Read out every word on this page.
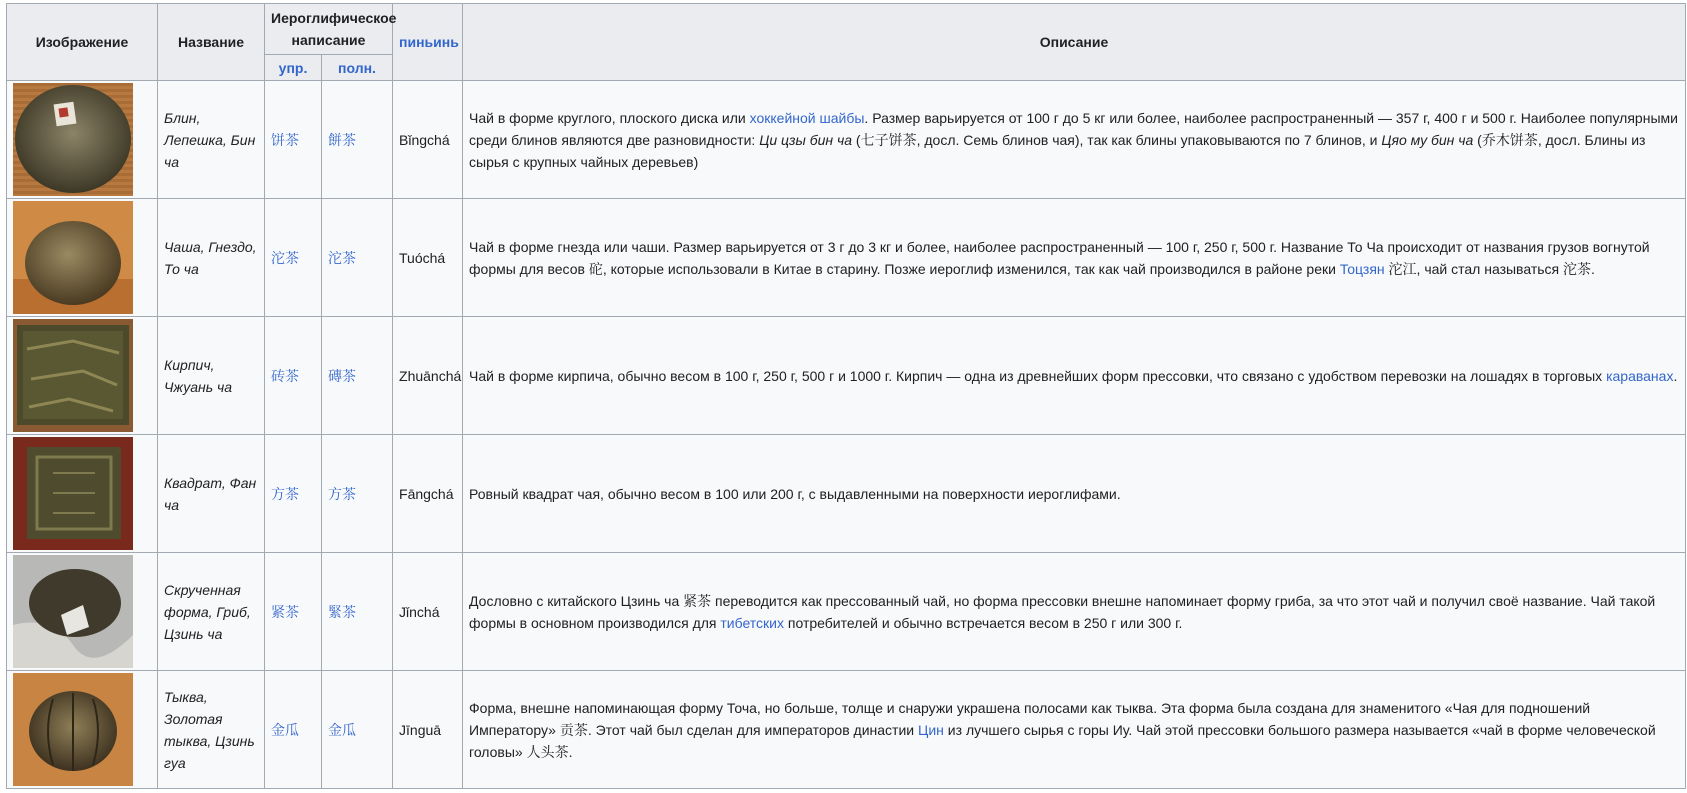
Изображение	Название	Иероглифическое написание		пиньинь	Описание
		упр.	полн.		

	Блин, Лепешка, Бин ча	饼茶	餅茶	Bǐngchá	Чай в форме круглого, плоского диска или хоккейной шайбы. Размер варьируется от 100 г до 5 кг или более, наиболее распространенный — 357 г, 400 г и 500 г. Наиболее популярными среди блинов являются две разновидности: Ци цзы бин ча (七子饼茶, досл. Семь блинов чая), так как блины упаковываются по 7 блинов, и Цяо му бин ча (乔木饼茶, досл. Блины из сырья с крупных чайных деревьев)

	Чаша, Гнездо, То ча	沱茶	沱茶	Tuóchá	Чай в форме гнезда или чаши. Размер варьируется от 3 г до 3 кг и более, наиболее распространенный — 100 г, 250 г, 500 г. Название То Ча происходит от названия грузов вогнутой формы для весов 砣, которые использовали в Китае в старину. Позже иероглиф изменился, так как чай производился в районе реки Тоцзян 沱江, чай стал называться 沱茶.

	Кирпич, Чжуань ча	砖茶	磚茶	Zhuānchá	Чай в форме кирпича, обычно весом в 100 г, 250 г, 500 г и 1000 г. Кирпич — одна из древнейших форм прессовки, что связано с удобством перевозки на лошадях в торговых караванах.

	Квадрат, Фан ча	方茶	方茶	Fāngchá	Ровный квадрат чая, обычно весом в 100 или 200 г, с выдавленными на поверхности иероглифами.

	Скрученная форма, Гриб, Цзинь ча	紧茶	緊茶	Jǐnchá	Дословно с китайского Цзинь ча 紧茶 переводится как прессованный чай, но форма прессовки внешне напоминает форму гриба, за что этот чай и получил своё название. Чай такой формы в основном производился для тибетских потребителей и обычно встречается весом в 250 г или 300 г.

	Тыква, Золотая тыква, Цзинь гуа	金瓜	金瓜	Jīnguā	Форма, внешне напоминающая форму Точа, но больше, толще и снаружи украшена полосами как тыква. Эта форма была создана для знаменитого «Чая для подношений Императору» 贡茶. Этот чай был сделан для императоров династии Цин из лучшего сырья с горы Иу. Чай этой прессовки большого размера называется «чай в форме человеческой головы» 人头茶.
